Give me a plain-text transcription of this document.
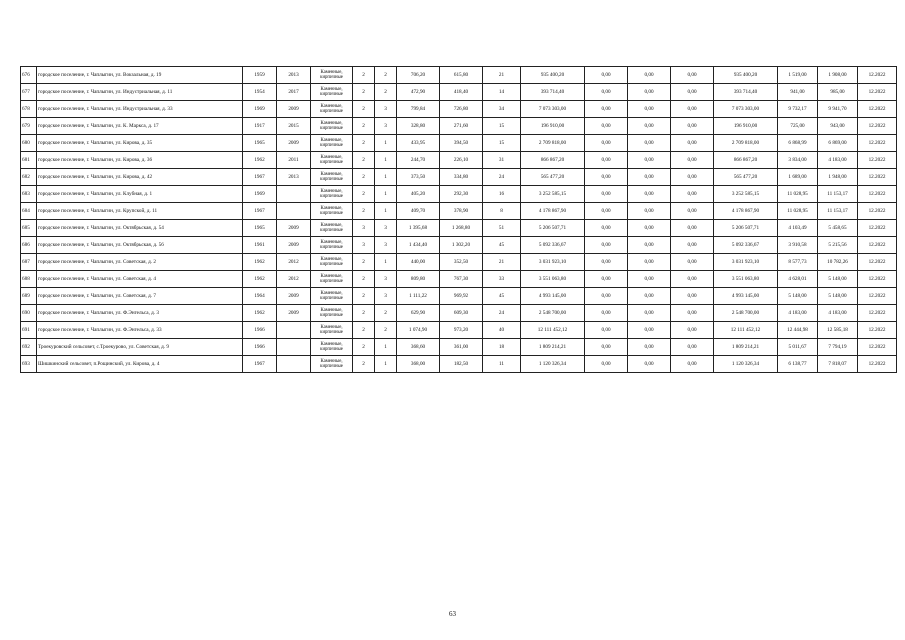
676	городское поселение, г. Чаплыгин, ул. Вокзальная, д. 19	1959	2013	Каменные, кирпичные	2	2	706,20	615,80	21	935 400,20	0,00	0,00	0,00	935 400,20	1 519,00	1 908,00	12.2022
677	городское поселение, г. Чаплыгин, ул. Индустриальная, д. 11	1954	2017	Каменные, кирпичные	2	2	472,90	418,40	14	393 714,40	0,00	0,00	0,00	393 714,40	941,00	985,00	12.2022
678	городское поселение, г. Чаплыгин, ул. Индустриальная, д. 33	1969	2009	Каменные, кирпичные	2	3	799,84	726,80	34	7 073 303,00	0,00	0,00	0,00	7 073 303,00	9 732,17	9 941,70	12.2022
679	городское поселение, г. Чаплыгин, ул. К. Маркса, д. 17	1917	2015	Каменные, кирпичные	2	3	328,80	271,60	15	196 910,00	0,00	0,00	0,00	196 910,00	725,00	943,00	12.2022
680	городское поселение, г. Чаплыгин, ул. Кирова, д. 35	1965	2009	Каменные, кирпичные	2	1	433,95	394,50	15	2 709 818,00	0,00	0,00	0,00	2 709 818,00	6 868,99	6 869,00	12.2022
681	городское поселение, г. Чаплыгин, ул. Кирова, д. 36	1962	2011	Каменные, кирпичные	2	1	244,70	226,10	31	866 867,20	0,00	0,00	0,00	866 867,20	3 834,00	4 183,00	12.2022
682	городское поселение, г. Чаплыгин, ул. Кирова, д. 42	1967	2013	Каменные, кирпичные	2	1	373,50	334,80	24	565 477,20	0,00	0,00	0,00	565 477,20	1 689,00	1 948,00	12.2022
683	городское поселение, г. Чаплыгин, ул. Клубная, д. 1	1969		Каменные, кирпичные	2	1	405,20	292,30	16	3 252 585,15	0,00	0,00	0,00	3 252 585,15	11 028,95	11 153,17	12.2022
684	городское поселение, г. Чаплыгин, ул. Крупской, д. 11	1967		Каменные, кирпичные	2	1	409,70	378,90	8	4 178 867,90	0,00	0,00	0,00	4 178 867,90	11 028,95	11 153,17	12.2022
685	городское поселение, г. Чаплыгин, ул. Октябрьская, д. 54	1965	2009	Каменные, кирпичные	3	3	1 395,68	1 268,80	51	5 206 507,71	0,00	0,00	0,00	5 206 507,71	4 103,49	5 458,65	12.2022
686	городское поселение, г. Чаплыгин, ул. Октябрьская, д. 56	1961	2009	Каменные, кирпичные	3	3	1 434,40	1 302,20	45	5 092 336,67	0,00	0,00	0,00	5 092 336,67	3 910,58	5 215,56	12.2022
687	городское поселение, г. Чаплыгин, ул. Советская, д. 2	1962	2012	Каменные, кирпичные	2	1	440,00	352,50	21	3 031 923,10	0,00	0,00	0,00	3 031 923,10	8 577,73	10 782,26	12.2022
688	городское поселение, г. Чаплыгин, ул. Советская, д. 4	1962	2012	Каменные, кирпичные	2	3	809,80	767,30	33	3 551 063,80	0,00	0,00	0,00	3 551 063,80	4 628,01	5 148,00	12.2022
689	городское поселение, г. Чаплыгин, ул. Советская, д. 7	1964	2009	Каменные, кирпичные	2	3	1 111,22	969,92	45	4 993 145,00	0,00	0,00	0,00	4 993 145,00	5 148,00	5 148,00	12.2022
690	городское поселение, г. Чаплыгин, ул. Ф.Энгельса, д. 3	1962	2009	Каменные, кирпичные	2	2	629,90	609,30	24	2 548 700,00	0,00	0,00	0,00	2 548 700,00	4 183,00	4 183,00	12.2022
691	городское поселение, г. Чаплыгин, ул. Ф.Энгельса, д. 33	1966		Каменные, кирпичные	2	2	1 074,90	973,20	40	12 111 452,12	0,00	0,00	0,00	12 111 452,12	12 444,98	12 585,18	12.2022
692	Троекуровский сельсовет, с.Троекурово, ул. Советская, д. 9	1966		Каменные, кирпичные	2	1	368,60	361,00	18	1 809 214,21	0,00	0,00	0,00	1 809 214,21	5 011,67	7 794,19	12.2022
693	Шишкинский сельсовет, п.Рощинский, ул. Кирова, д. 4	1967		Каменные, кирпичные	2	1	368,00	182,50	11	1 120 326,34	0,00	0,00	0,00	1 120 326,34	6 138,77	7 818,07	12.2022
63
